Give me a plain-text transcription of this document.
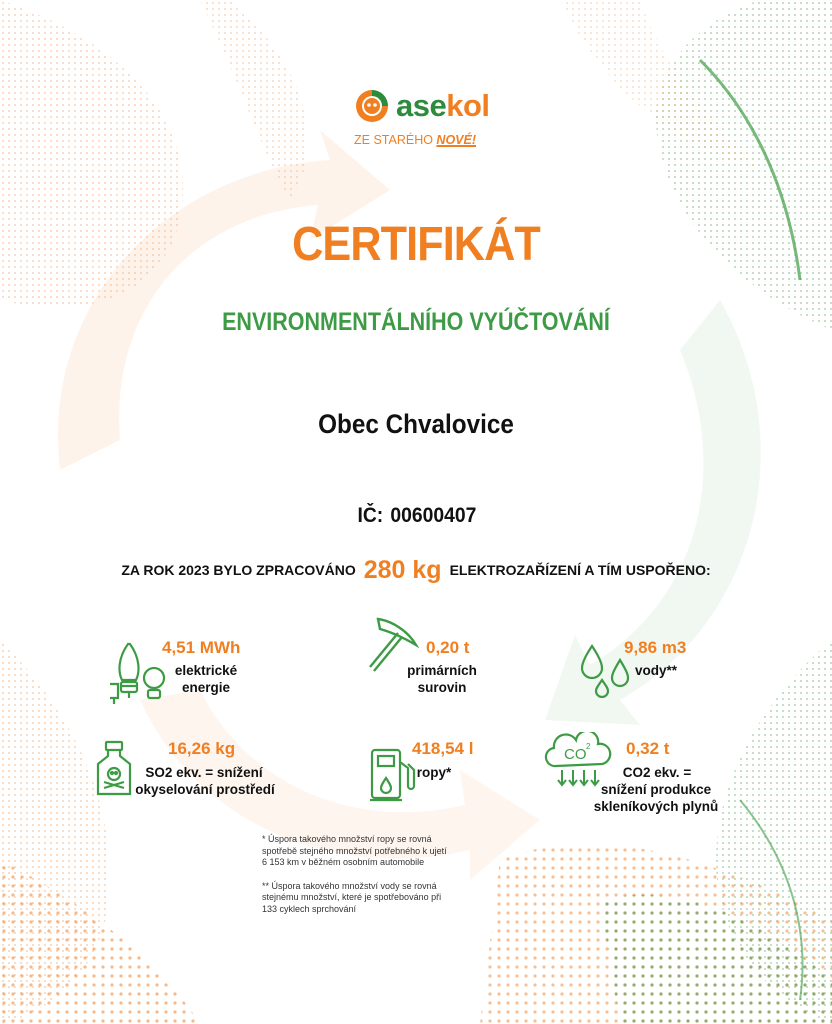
asekol
ZE STARÉHO NOVÉ!
CERTIFIKÁT
ENVIRONMENTÁLNÍHO VYÚČTOVÁNÍ
Obec Chvalovice
IČ: 00600407
ZA ROK 2023 BYLO ZPRACOVÁNO 280 kg ELEKTROZAŘÍZENÍ A TÍM USPOŘENO:
4,51 MWh
elektrické
energie
0,20 t
primárních
surovin
9,86 m3
vody**
16,26 kg
SO2 ekv. = snížení
okyselování prostředí
418,54 l
ropy*
CO 2 0,32 t
CO2 ekv. =
snížení produkce
skleníkových plynů

* Úspora takového množství ropy se rovná spotřebě stejného množství potřebného k ujetí 6 153 km v běžném osobním automobile

** Úspora takového množství vody se rovná stejnému množství, které je spotřebováno při 133 cyklech sprchování
